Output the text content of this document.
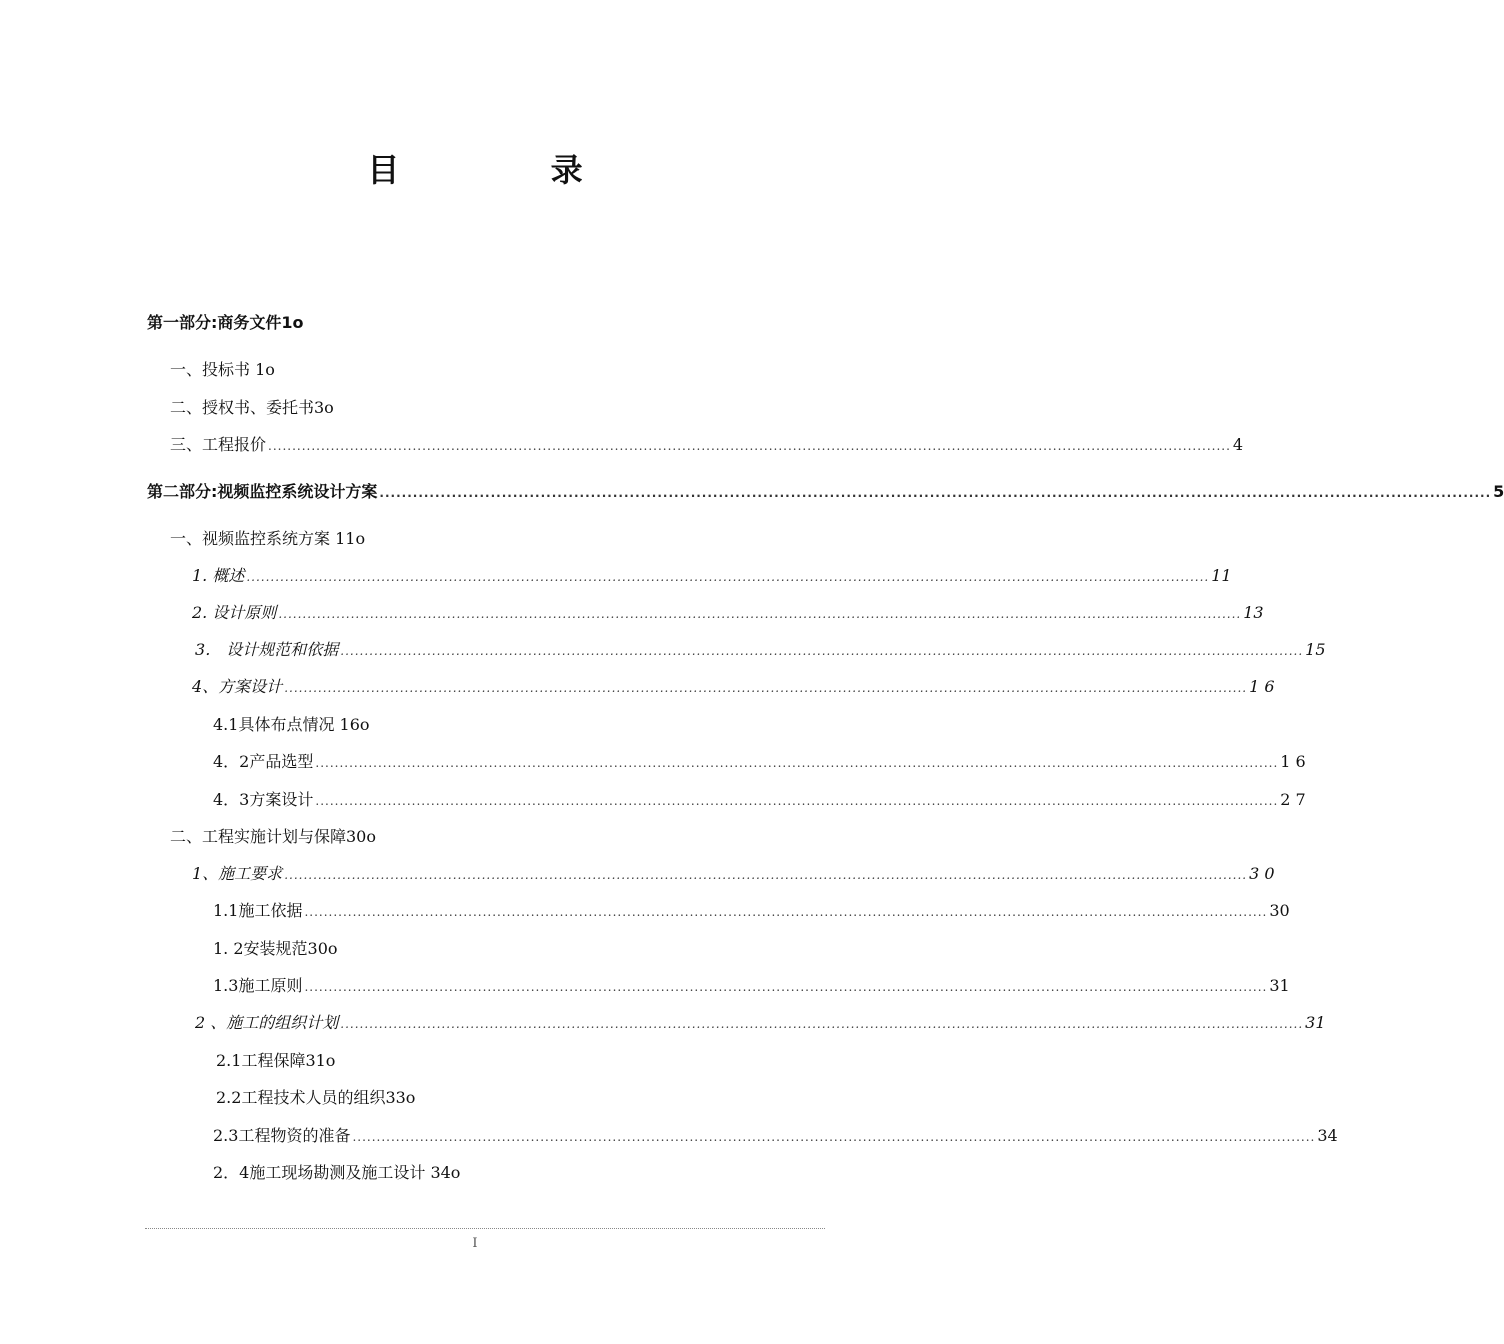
目 录
第一部分:商务文件1o
一、投标书 1o
二、授权书、委托书3o
三、工程报价 ........................................................................................................................................................................................................ 4
第二部分:视频监控系统设计方案 ........................................................................................................................................................................................................ 5
一、视频监控系统方案 11o
1. 概述 ........................................................................................................................................................................................................ 11
2. 设计原则 ........................................................................................................................................................................................................ 13
3． 设计规范和依据 ........................................................................................................................................................................................................ 15
4、方案设计 ........................................................................................................................................................................................................ 1 6
4.1具体布点情况 16o
4．2产品选型 ........................................................................................................................................................................................................ 1 6
4．3方案设计 ........................................................................................................................................................................................................ 2 7
二、工程实施计划与保障30o
1、施工要求 ........................................................................................................................................................................................................ 3 0
1.1施工依据 ........................................................................................................................................................................................................ 30
1. 2安装规范30o
1.3施工原则 ........................................................................................................................................................................................................ 31
2 、施工的组织计划 ........................................................................................................................................................................................................ 31
2.1工程保障31o
2.2工程技术人员的组织33o
2.3工程物资的准备 ........................................................................................................................................................................................................ 34
2．4施工现场勘测及施工设计 34o
I
